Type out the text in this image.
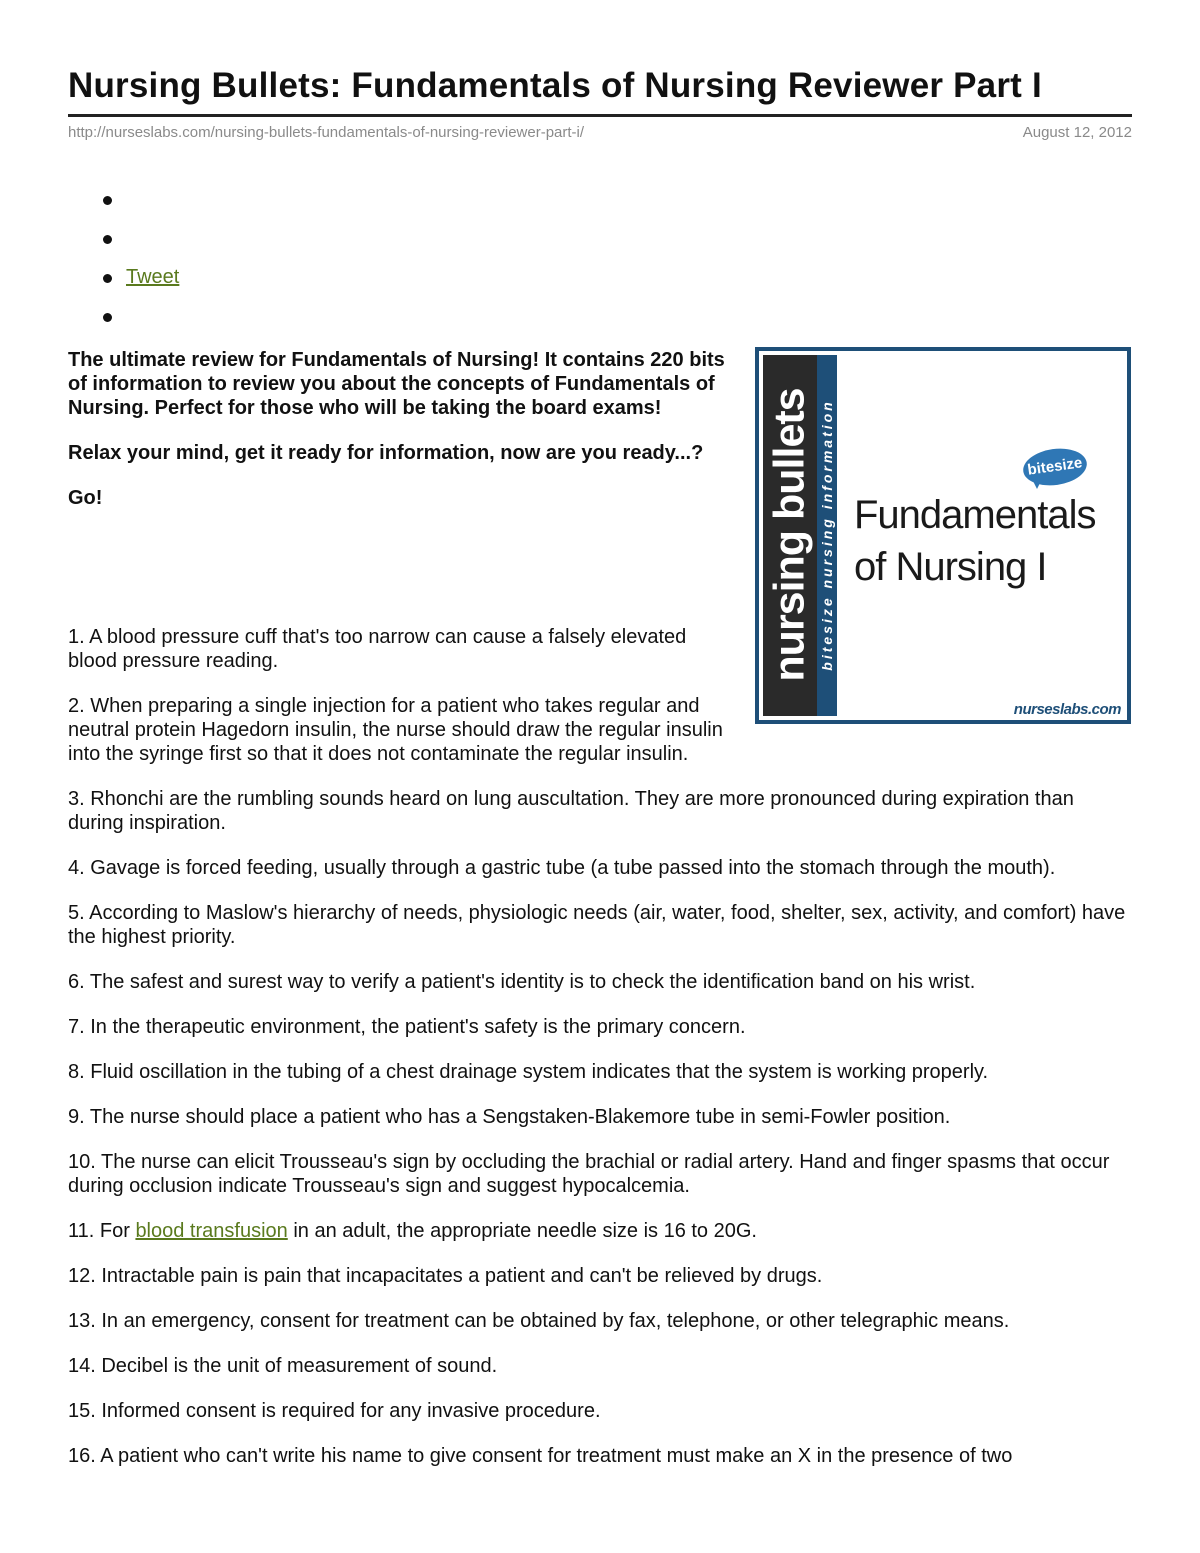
Nursing Bullets: Fundamentals of Nursing Reviewer Part I
http://nurseslabs.com/nursing-bullets-fundamentals-of-nursing-reviewer-part-i/	August 12, 2012
Tweet

The ultimate review for Fundamentals of Nursing! It contains 220 bits of information to review you about the concepts of Fundamentals of Nursing. Perfect for those who will be taking the board exams!

Relax your mind, get it ready for information, now are you ready...?

Go!	nursing bullets bitesize nursing information	bitesize
Fundamentals
of Nursing I
nurseslabs.com

1. A blood pressure cuff that's too narrow can cause a falsely elevated blood pressure reading.

2. When preparing a single injection for a patient who takes regular and neutral protein Hagedorn insulin, the nurse should draw the regular insulin into the syringe first so that it does not contaminate the regular insulin.

3. Rhonchi are the rumbling sounds heard on lung auscultation. They are more pronounced during expiration than during inspiration.

4. Gavage is forced feeding, usually through a gastric tube (a tube passed into the stomach through the mouth).

5. According to Maslow's hierarchy of needs, physiologic needs (air, water, food, shelter, sex, activity, and comfort) have the highest priority.

6. The safest and surest way to verify a patient's identity is to check the identification band on his wrist.

7. In the therapeutic environment, the patient's safety is the primary concern.

8. Fluid oscillation in the tubing of a chest drainage system indicates that the system is working properly.

9. The nurse should place a patient who has a Sengstaken-Blakemore tube in semi-Fowler position.

10. The nurse can elicit Trousseau's sign by occluding the brachial or radial artery. Hand and finger spasms that occur during occlusion indicate Trousseau's sign and suggest hypocalcemia.

11. For blood transfusion in an adult, the appropriate needle size is 16 to 20G.

12. Intractable pain is pain that incapacitates a patient and can't be relieved by drugs.

13. In an emergency, consent for treatment can be obtained by fax, telephone, or other telegraphic means.

14. Decibel is the unit of measurement of sound.

15. Informed consent is required for any invasive procedure.

16. A patient who can't write his name to give consent for treatment must make an X in the presence of two
